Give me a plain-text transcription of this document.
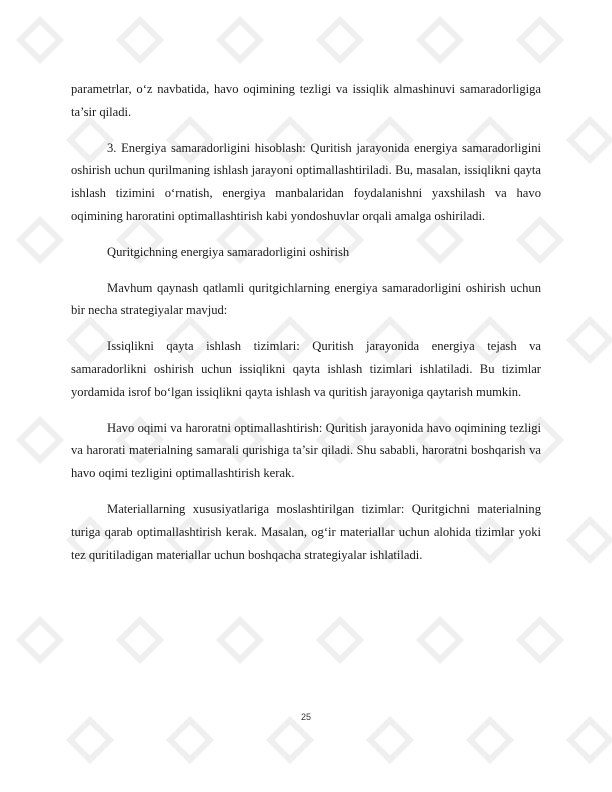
parametrlar, o‘z navbatida, havo oqimining tezligi va issiqlik almashinuvi samaradorligiga ta’sir qiladi.

3. Energiya samaradorligini hisoblash: Quritish jarayonida energiya samaradorligini oshirish uchun qurilmaning ishlash jarayoni optimallashtiriladi. Bu, masalan, issiqlikni qayta ishlash tizimini o‘rnatish, energiya manbalaridan foydalanishni yaxshilash va havo oqimining haroratini optimallashtirish kabi yondoshuvlar orqali amalga oshiriladi.

Quritgichning energiya samaradorligini oshirish

Mavhum qaynash qatlamli quritgichlarning energiya samaradorligini oshirish uchun bir necha strategiyalar mavjud:

Issiqlikni qayta ishlash tizimlari: Quritish jarayonida energiya tejash va samaradorlikni oshirish uchun issiqlikni qayta ishlash tizimlari ishlatiladi. Bu tizimlar yordamida isrof bo‘lgan issiqlikni qayta ishlash va quritish jarayoniga qaytarish mumkin.

Havo oqimi va haroratni optimallashtirish: Quritish jarayonida havo oqimining tezligi va harorati materialning samarali qurishiga ta’sir qiladi. Shu sababli, haroratni boshqarish va havo oqimi tezligini optimallashtirish kerak.

Materiallarning xususiyatlariga moslashtirilgan tizimlar: Quritgichni materialning turiga qarab optimallashtirish kerak. Masalan, og‘ir materiallar uchun alohida tizimlar yoki tez quritiladigan materiallar uchun boshqacha strategiyalar ishlatiladi.

25
